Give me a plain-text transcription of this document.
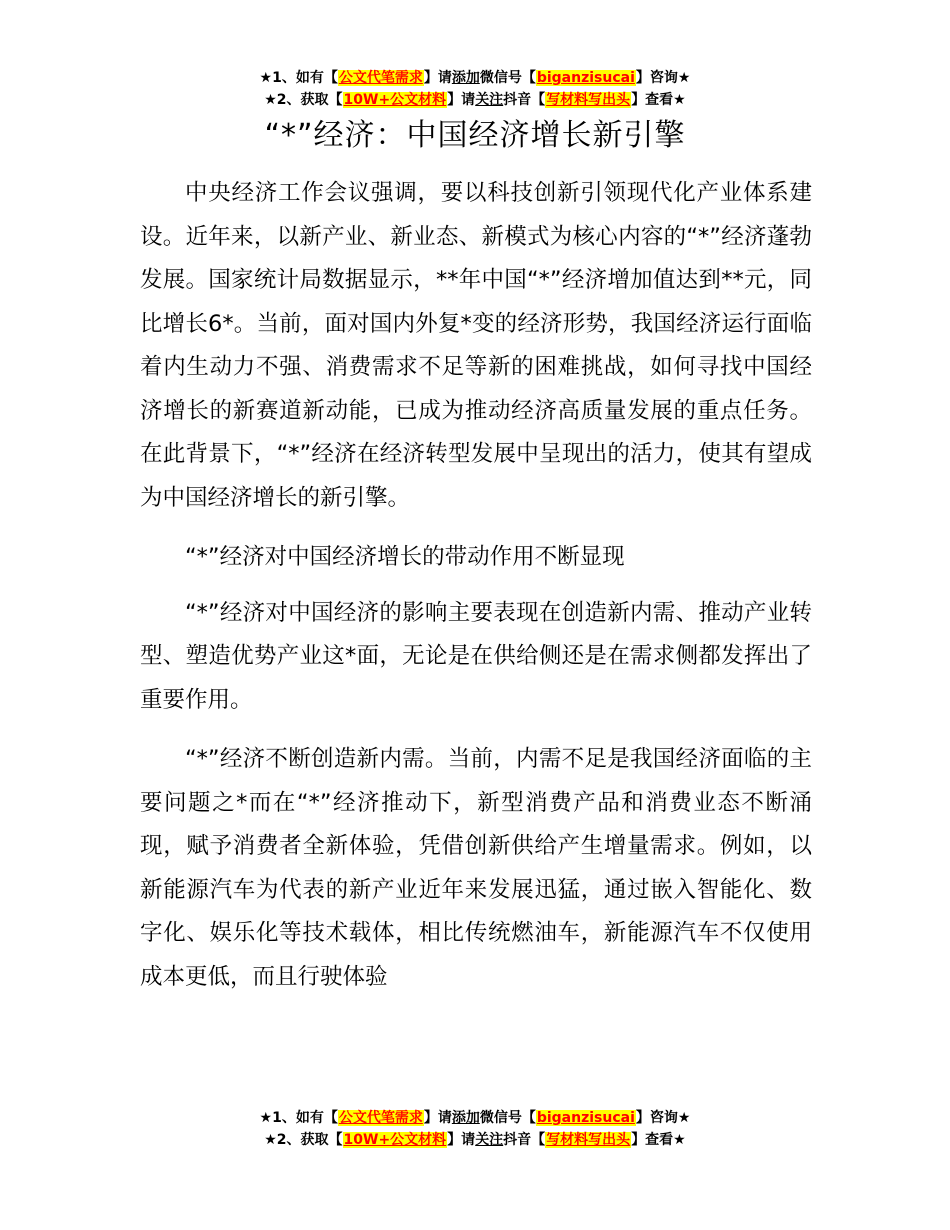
★1、如有【公文代笔需求】请添加微信号【biganzisucai】咨询★
★2、获取【10W+公文材料】请关注抖音【写材料写出头】查看★
“*”经济：中国经济增长新引擎

中央经济工作会议强调，要以科技创新引领现代化产业体系建设。近年来，以新产业、新业态、新模式为核心内容的“*”经济蓬勃发展。国家统计局数据显示，**年中国“*”经济增加值达到**元，同比增长6*。当前，面对国内外复*变的经济形势，我国经济运行面临着内生动力不强、消费需求不足等新的困难挑战，如何寻找中国经济增长的新赛道新动能，已成为推动经济高质量发展的重点任务。在此背景下，“*”经济在经济转型发展中呈现出的活力，使其有望成为中国经济增长的新引擎。

“*”经济对中国经济增长的带动作用不断显现

“*”经济对中国经济的影响主要表现在创造新内需、推动产业转型、塑造优势产业这*面，无论是在供给侧还是在需求侧都发挥出了重要作用。

“*”经济不断创造新内需。当前，内需不足是我国经济面临的主要问题之*而在“*”经济推动下，新型消费产品和消费业态不断涌现，赋予消费者全新体验，凭借创新供给产生增量需求。例如，以新能源汽车为代表的新产业近年来发展迅猛，通过嵌入智能化、数字化、娱乐化等技术载体，相比传统燃油车，新能源汽车不仅使用成本更低，而且行驶体验

★1、如有【公文代笔需求】请添加微信号【biganzisucai】咨询★
★2、获取【10W+公文材料】请关注抖音【写材料写出头】查看★
